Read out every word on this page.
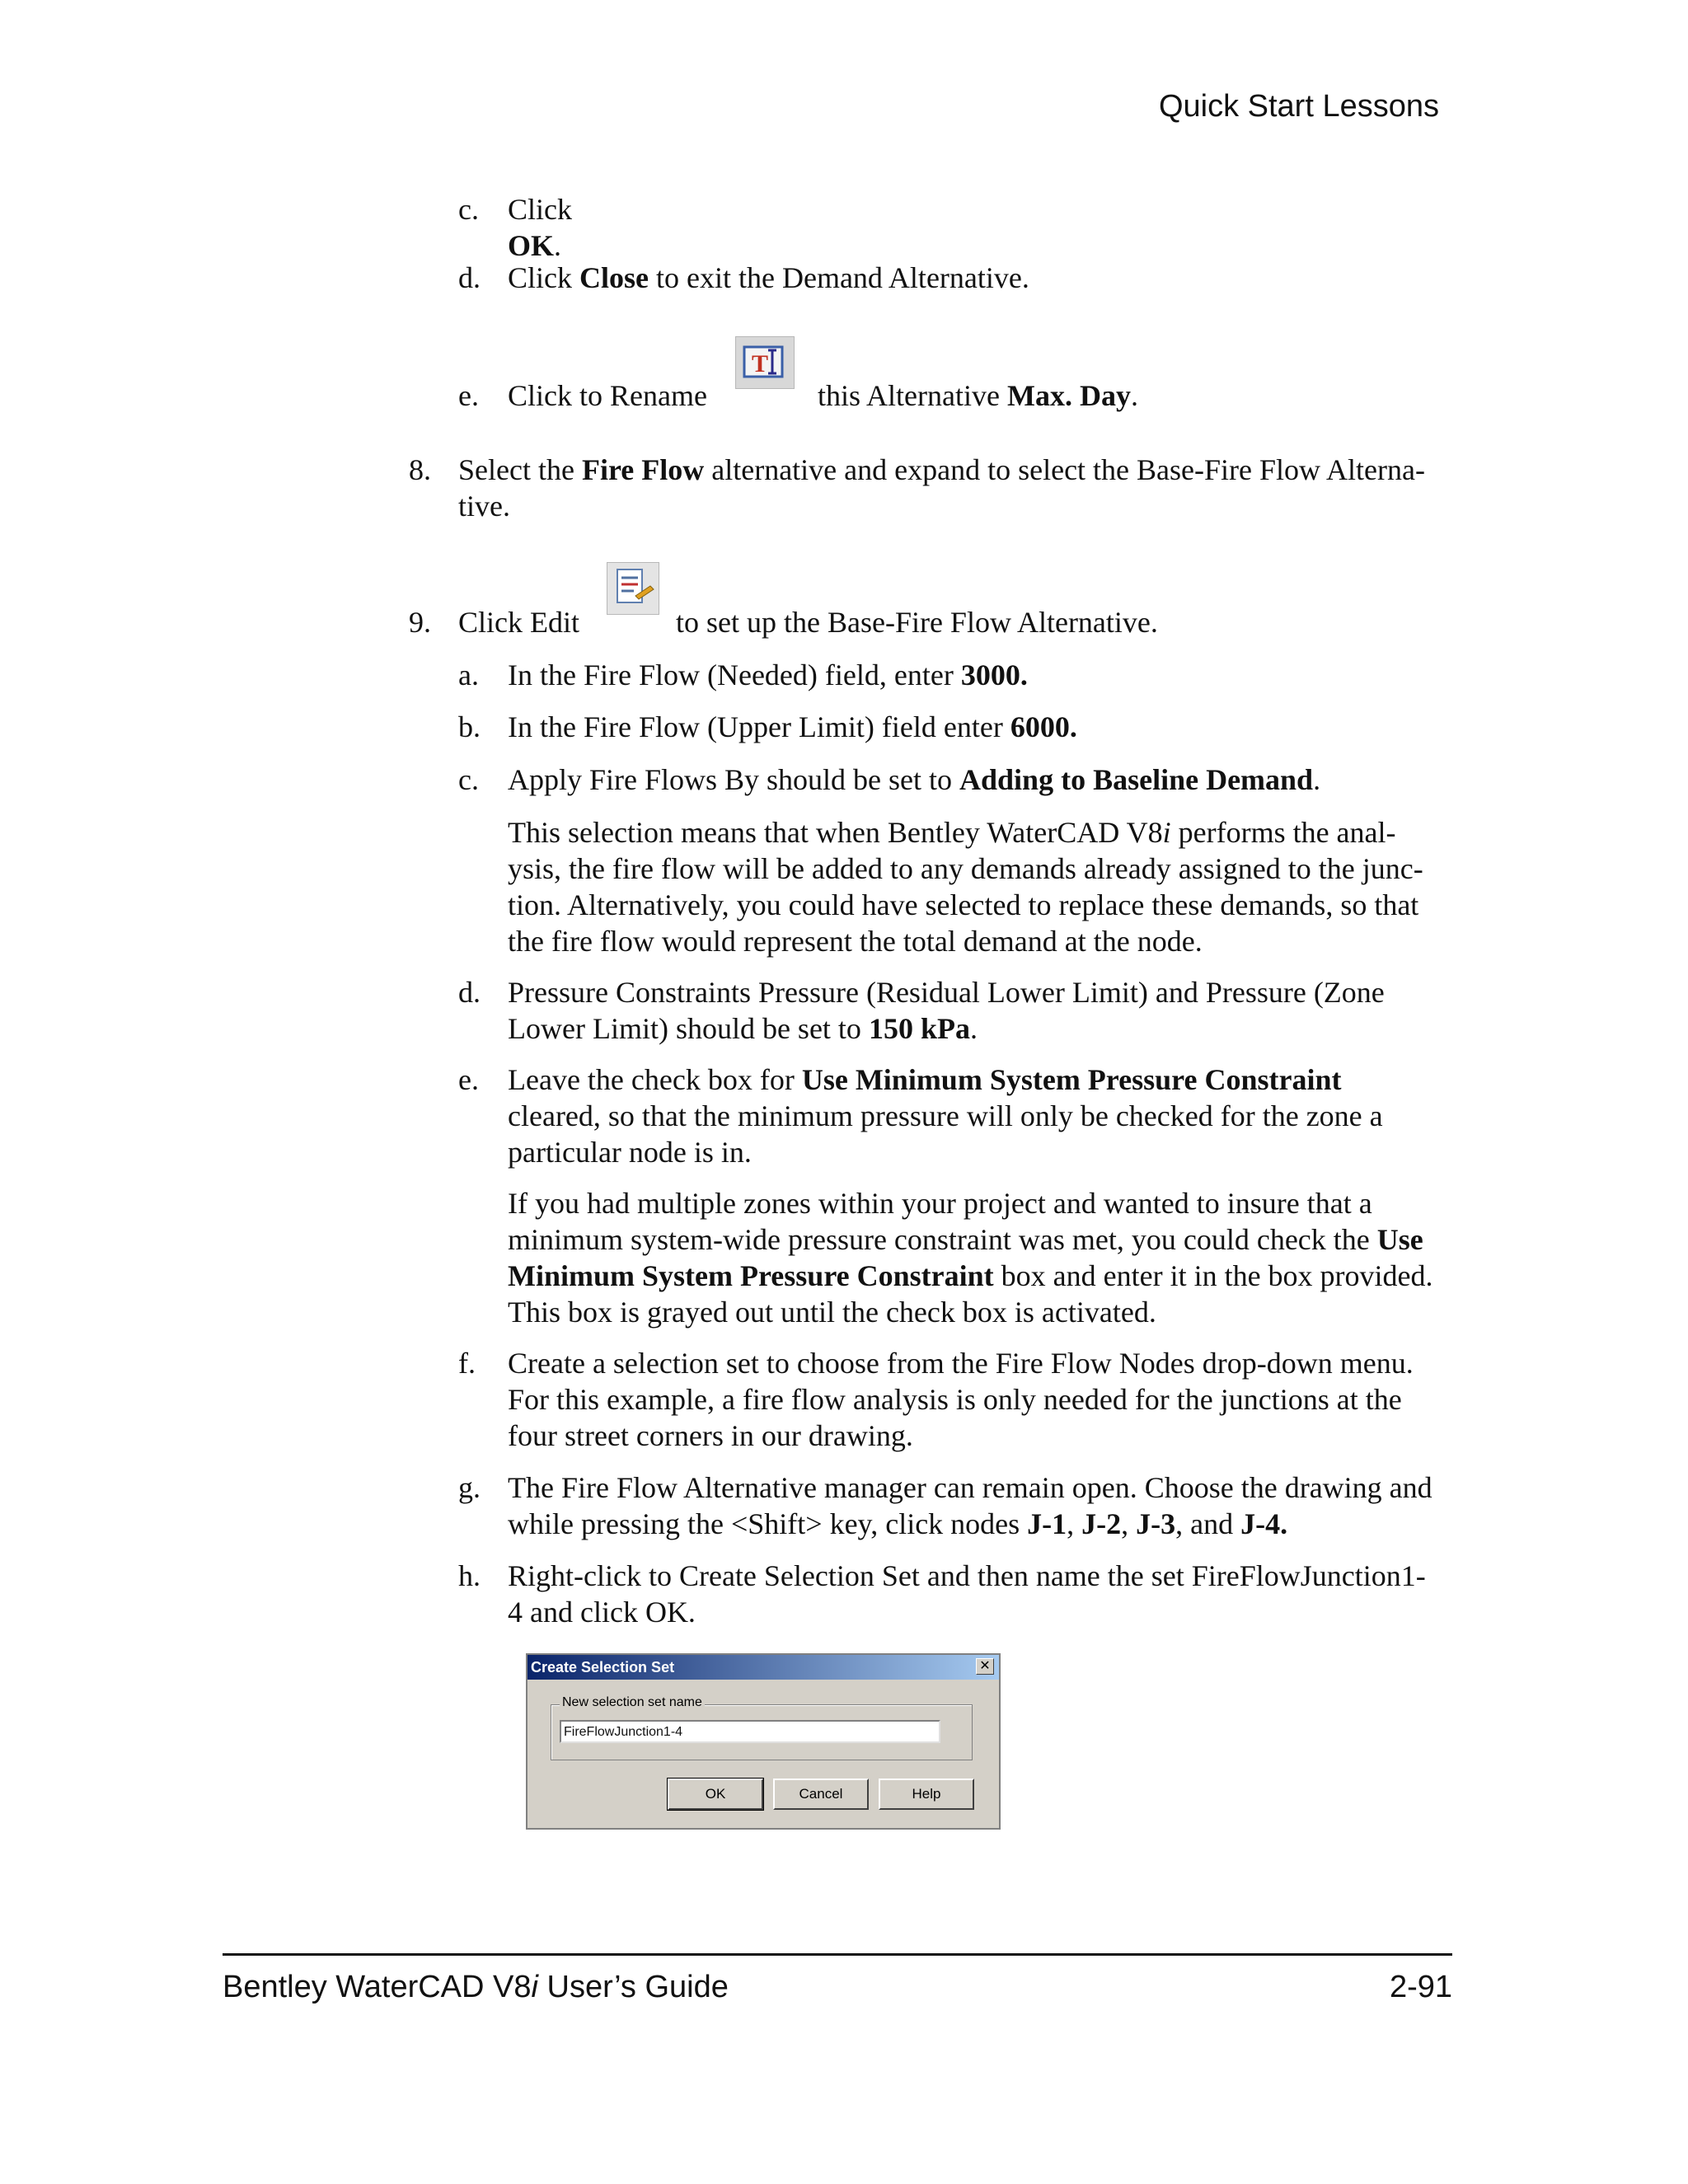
Quick Start Lessons
c. Click OK.
d. Click Close to exit the Demand Alternative.
e. Click to Rename
T
this Alternative Max. Day.
8. Select the Fire Flow alternative and expand to select the Base-Fire Flow Alterna-
tive.
9. Click Edit	to set up the Base-Fire Flow Alternative.
a. In the Fire Flow (Needed) field, enter 3000.
b. In the Fire Flow (Upper Limit) field enter 6000.
c. Apply Fire Flows By should be set to Adding to Baseline Demand.
This selection means that when Bentley WaterCAD V8i performs the anal-
ysis, the fire flow will be added to any demands already assigned to the junc-
tion. Alternatively, you could have selected to replace these demands, so that
the fire flow would represent the total demand at the node.
d. Pressure Constraints Pressure (Residual Lower Limit) and Pressure (Zone
Lower Limit) should be set to 150 kPa.
e. Leave the check box for Use Minimum System Pressure Constraint
cleared, so that the minimum pressure will only be checked for the zone a
particular node is in.
If you had multiple zones within your project and wanted to insure that a
minimum system-wide pressure constraint was met, you could check the Use
Minimum System Pressure Constraint box and enter it in the box provided.
This box is grayed out until the check box is activated.
f. Create a selection set to choose from the Fire Flow Nodes drop-down menu.
For this example, a fire flow analysis is only needed for the junctions at the
four street corners in our drawing.
g. The Fire Flow Alternative manager can remain open. Choose the drawing and
while pressing the <Shift> key, click nodes J-1, J-2, J-3, and J-4.
h. Right-click to Create Selection Set and then name the set FireFlowJunction1-
4 and click OK.
Create Selection Set	✕
New selection set name
FireFlowJunction1-4
OK	Cancel	Help
Bentley WaterCAD V8i User’s Guide	2-91
